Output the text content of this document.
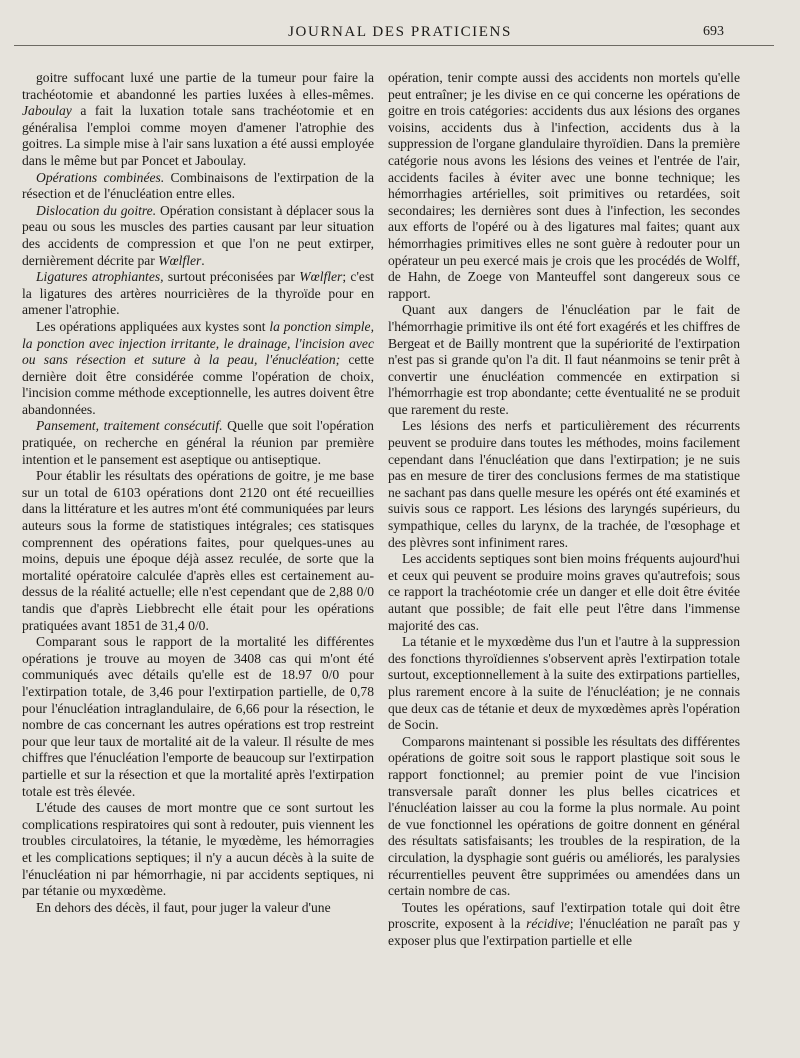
JOURNAL DES PRATICIENS	693

goitre suffocant luxé une partie de la tumeur pour faire la trachéotomie et abandonné les parties luxées à elles-mêmes. Jaboulay a fait la luxation totale sans trachéotomie et en généralisa l'emploi comme moyen d'amener l'atrophie des goitres. La simple mise à l'air sans luxation a été aussi employée dans le même but par Poncet et Jaboulay.

Opérations combinées. Combinaisons de l'extirpation de la résection et de l'énucléation entre elles.

Dislocation du goitre. Opération consistant à déplacer sous la peau ou sous les muscles des parties causant par leur situation des accidents de compression et que l'on ne peut extirper, dernièrement décrite par Wœlfler.

Ligatures atrophiantes, surtout préconisées par Wœlfler; c'est la ligatures des artères nourricières de la thyroïde pour en amener l'atrophie.

Les opérations appliquées aux kystes sont la ponction simple, la ponction avec injection irritante, le drainage, l'incision avec ou sans résection et suture à la peau, l'énucléation; cette dernière doit être considérée comme l'opération de choix, l'incision comme méthode exceptionnelle, les autres doivent être abandonnées.

Pansement, traitement consécutif. Quelle que soit l'opération pratiquée, on recherche en général la réunion par première intention et le pansement est aseptique ou antiseptique.

Pour établir les résultats des opérations de goitre, je me base sur un total de 6103 opérations dont 2120 ont été recueillies dans la littérature et les autres m'ont été communiquées par leurs auteurs sous la forme de statistiques intégrales; ces statisques comprennent des opérations faites, pour quelques-unes au moins, depuis une époque déjà assez reculée, de sorte que la mortalité opératoire calculée d'après elles est certainement au-dessus de la réalité actuelle; elle n'est cependant que de 2,88 0/0 tandis que d'après Liebbrecht elle était pour les opérations pratiquées avant 1851 de 31,4 0/0.

Comparant sous le rapport de la mortalité les différentes opérations je trouve au moyen de 3408 cas qui m'ont été communiqués avec détails qu'elle est de 18.97 0/0 pour l'extirpation totale, de 3,46 pour l'extirpation partielle, de 0,78 pour l'énucléation intraglandulaire, de 6,66 pour la résection, le nombre de cas concernant les autres opérations est trop restreint pour que leur taux de mortalité ait de la valeur. Il résulte de mes chiffres que l'énucléation l'emporte de beaucoup sur l'extirpation partielle et sur la résection et que la mortalité après l'extirpation totale est très élevée.

L'étude des causes de mort montre que ce sont surtout les complications respiratoires qui sont à redouter, puis viennent les troubles circulatoires, la tétanie, le myœdème, les hémorragies et les complications septiques; il n'y a aucun décès à la suite de l'énucléation ni par hémorrhagie, ni par accidents septiques, ni par tétanie ou myxœdème.

En dehors des décès, il faut, pour juger la valeur d'une

opération, tenir compte aussi des accidents non mortels qu'elle peut entraîner; je les divise en ce qui concerne les opérations de goitre en trois catégories: accidents dus aux lésions des organes voisins, accidents dus à l'infection, accidents dus à la suppression de l'organe glandulaire thyroïdien. Dans la première catégorie nous avons les lésions des veines et l'entrée de l'air, accidents faciles à éviter avec une bonne technique; les hémorrhagies artérielles, soit primitives ou retardées, soit secondaires; les dernières sont dues à l'infection, les secondes aux efforts de l'opéré ou à des ligatures mal faites; quant aux hémorrhagies primitives elles ne sont guère à redouter pour un opérateur un peu exercé mais je crois que les procédés de Wolff, de Hahn, de Zoege von Manteuffel sont dangereux sous ce rapport.

Quant aux dangers de l'énucléation par le fait de l'hémorrhagie primitive ils ont été fort exagérés et les chiffres de Bergeat et de Bailly montrent que la supériorité de l'extirpation n'est pas si grande qu'on l'a dit. Il faut néanmoins se tenir prêt à convertir une énucléation commencée en extirpation si l'hémorrhagie est trop abondante; cette éventualité ne se produit que rarement du reste.

Les lésions des nerfs et particulièrement des récurrents peuvent se produire dans toutes les méthodes, moins facilement cependant dans l'énucléation que dans l'extirpation; je ne suis pas en mesure de tirer des conclusions fermes de ma statistique ne sachant pas dans quelle mesure les opérés ont été examinés et suivis sous ce rapport. Les lésions des laryngés supérieurs, du sympathique, celles du larynx, de la trachée, de l'œsophage et des plèvres sont infiniment rares.

Les accidents septiques sont bien moins fréquents aujourd'hui et ceux qui peuvent se produire moins graves qu'autrefois; sous ce rapport la trachéotomie crée un danger et elle doit être évitée autant que possible; de fait elle peut l'être dans l'immense majorité des cas.

La tétanie et le myxœdème dus l'un et l'autre à la suppression des fonctions thyroïdiennes s'observent après l'extirpation totale surtout, exceptionnellement à la suite des extirpations partielles, plus rarement encore à la suite de l'énucléation; je ne connais que deux cas de tétanie et deux de myxœdèmes après l'opération de Socin.

Comparons maintenant si possible les résultats des différentes opérations de goitre soit sous le rapport plastique soit sous le rapport fonctionnel; au premier point de vue l'incision transversale paraît donner les plus belles cicatrices et l'énucléation laisser au cou la forme la plus normale. Au point de vue fonctionnel les opérations de goitre donnent en général des résultats satisfaisants; les troubles de la respiration, de la circulation, la dysphagie sont guéris ou améliorés, les paralysies récurrentielles peuvent être supprimées ou amendées dans un certain nombre de cas.

Toutes les opérations, sauf l'extirpation totale qui doit être proscrite, exposent à la récidive; l'énucléation ne paraît pas y exposer plus que l'extirpation partielle et elle
